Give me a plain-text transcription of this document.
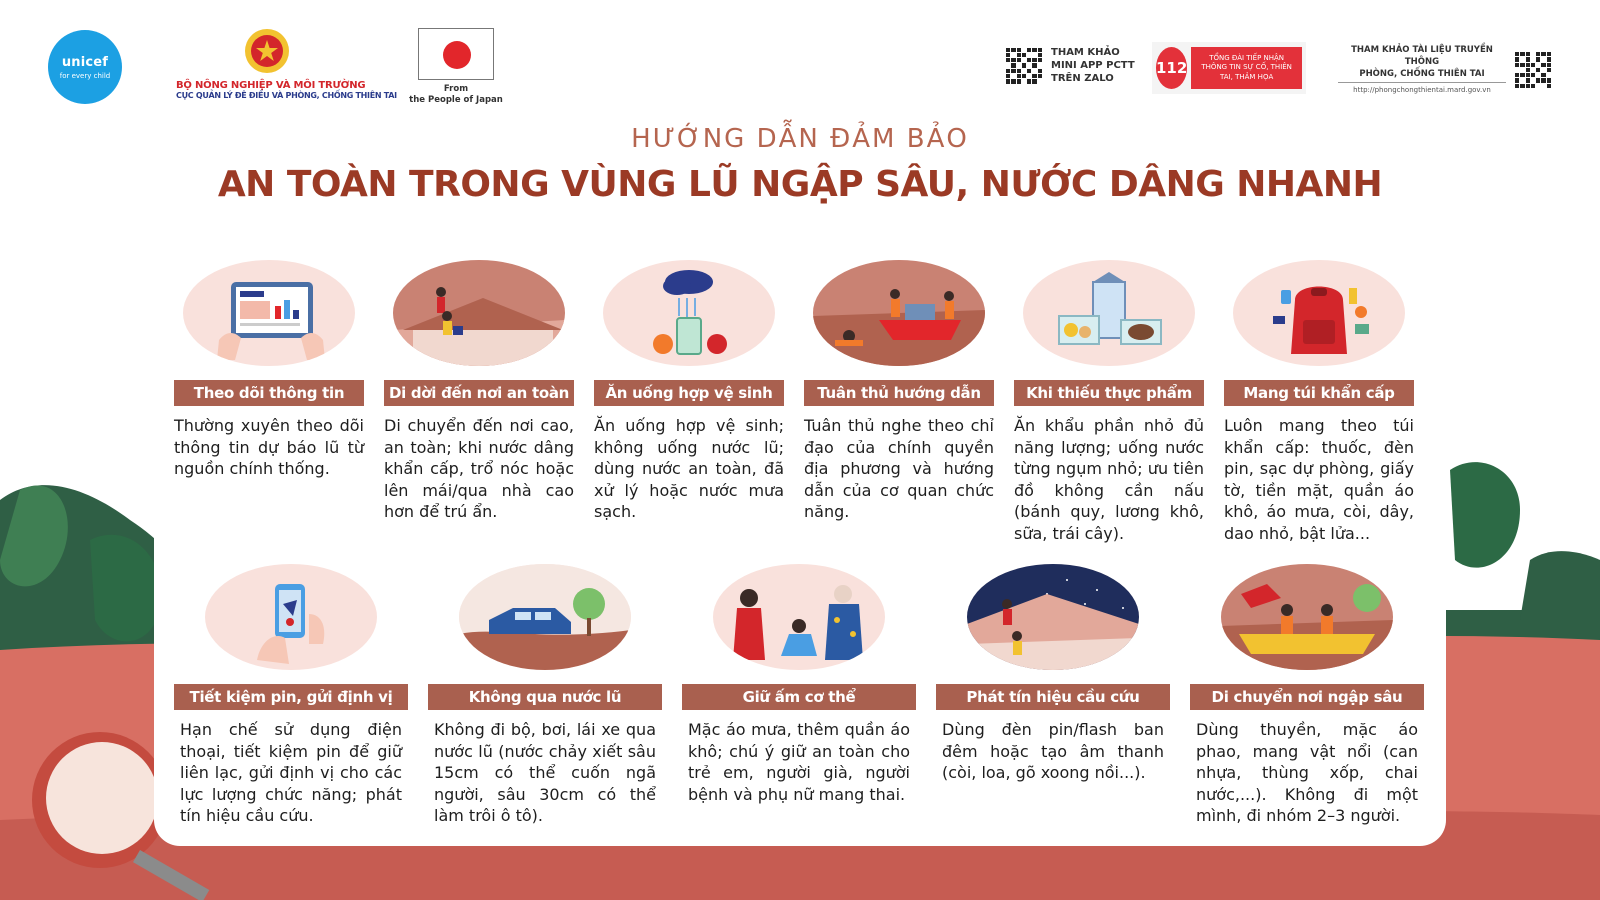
unicef
for every child
BỘ NÔNG NGHIỆP VÀ MÔI TRƯỜNG
CỤC QUẢN LÝ ĐÊ ĐIỀU VÀ PHÒNG, CHỐNG THIÊN TAI
From
the People of Japan
THAM KHẢO
MINI APP PCTT
TRÊN ZALO
112
TỔNG ĐÀI TIẾP NHẬN THÔNG TIN SỰ CỐ, THIÊN TAI, THẢM HỌA
THAM KHẢO TÀI LIỆU TRUYỀN THÔNG
PHÒNG, CHỐNG THIÊN TAI
http://phongchongthientai.mard.gov.vn
HƯỚNG DẪN ĐẢM BẢO
AN TOÀN TRONG VÙNG LŨ NGẬP SÂU, NƯỚC DÂNG NHANH
Theo dõi thông tin
Thường xuyên theo dõi thông tin dự báo lũ từ nguồn chính thống.
Di dời đến nơi an toàn
Di chuyển đến nơi cao, an toàn; khi nước dâng khẩn cấp, trổ nóc hoặc lên mái/qua nhà cao hơn để trú ẩn.
Ăn uống hợp vệ sinh
Ăn uống hợp vệ sinh; không uống nước lũ; dùng nước an toàn, đã xử lý hoặc nước mưa sạch.
Tuân thủ hướng dẫn
Tuân thủ nghe theo chỉ đạo của chính quyền địa phương và hướng dẫn của cơ quan chức năng.
Khi thiếu thực phẩm
Ăn khẩu phần nhỏ đủ năng lượng; uống nước từng ngụm nhỏ; ưu tiên đồ không cần nấu (bánh quy, lương khô, sữa, trái cây).
Mang túi khẩn cấp
Luôn mang theo túi khẩn cấp: thuốc, đèn pin, sạc dự phòng, giấy tờ, tiền mặt, quần áo khô, áo mưa, còi, dây, dao nhỏ, bật lửa...
Tiết kiệm pin, gửi định vị
Hạn chế sử dụng điện thoại, tiết kiệm pin để giữ liên lạc, gửi định vị cho các lực lượng chức năng; phát tín hiệu cầu cứu.
Không qua nước lũ
Không đi bộ, bơi, lái xe qua nước lũ (nước chảy xiết sâu 15cm có thể cuốn ngã người, sâu 30cm có thể làm trôi ô tô).
Giữ ấm cơ thể
Mặc áo mưa, thêm quần áo khô; chú ý giữ an toàn cho trẻ em, người già, người bệnh và phụ nữ mang thai.
Phát tín hiệu cầu cứu
Dùng đèn pin/flash ban đêm hoặc tạo âm thanh (còi, loa, gõ xoong nồi...).
Di chuyển nơi ngập sâu
Dùng thuyền, mặc áo phao, mang vật nổi (can nhựa, thùng xốp, chai nước,...). Không đi một mình, đi nhóm 2–3 người.
